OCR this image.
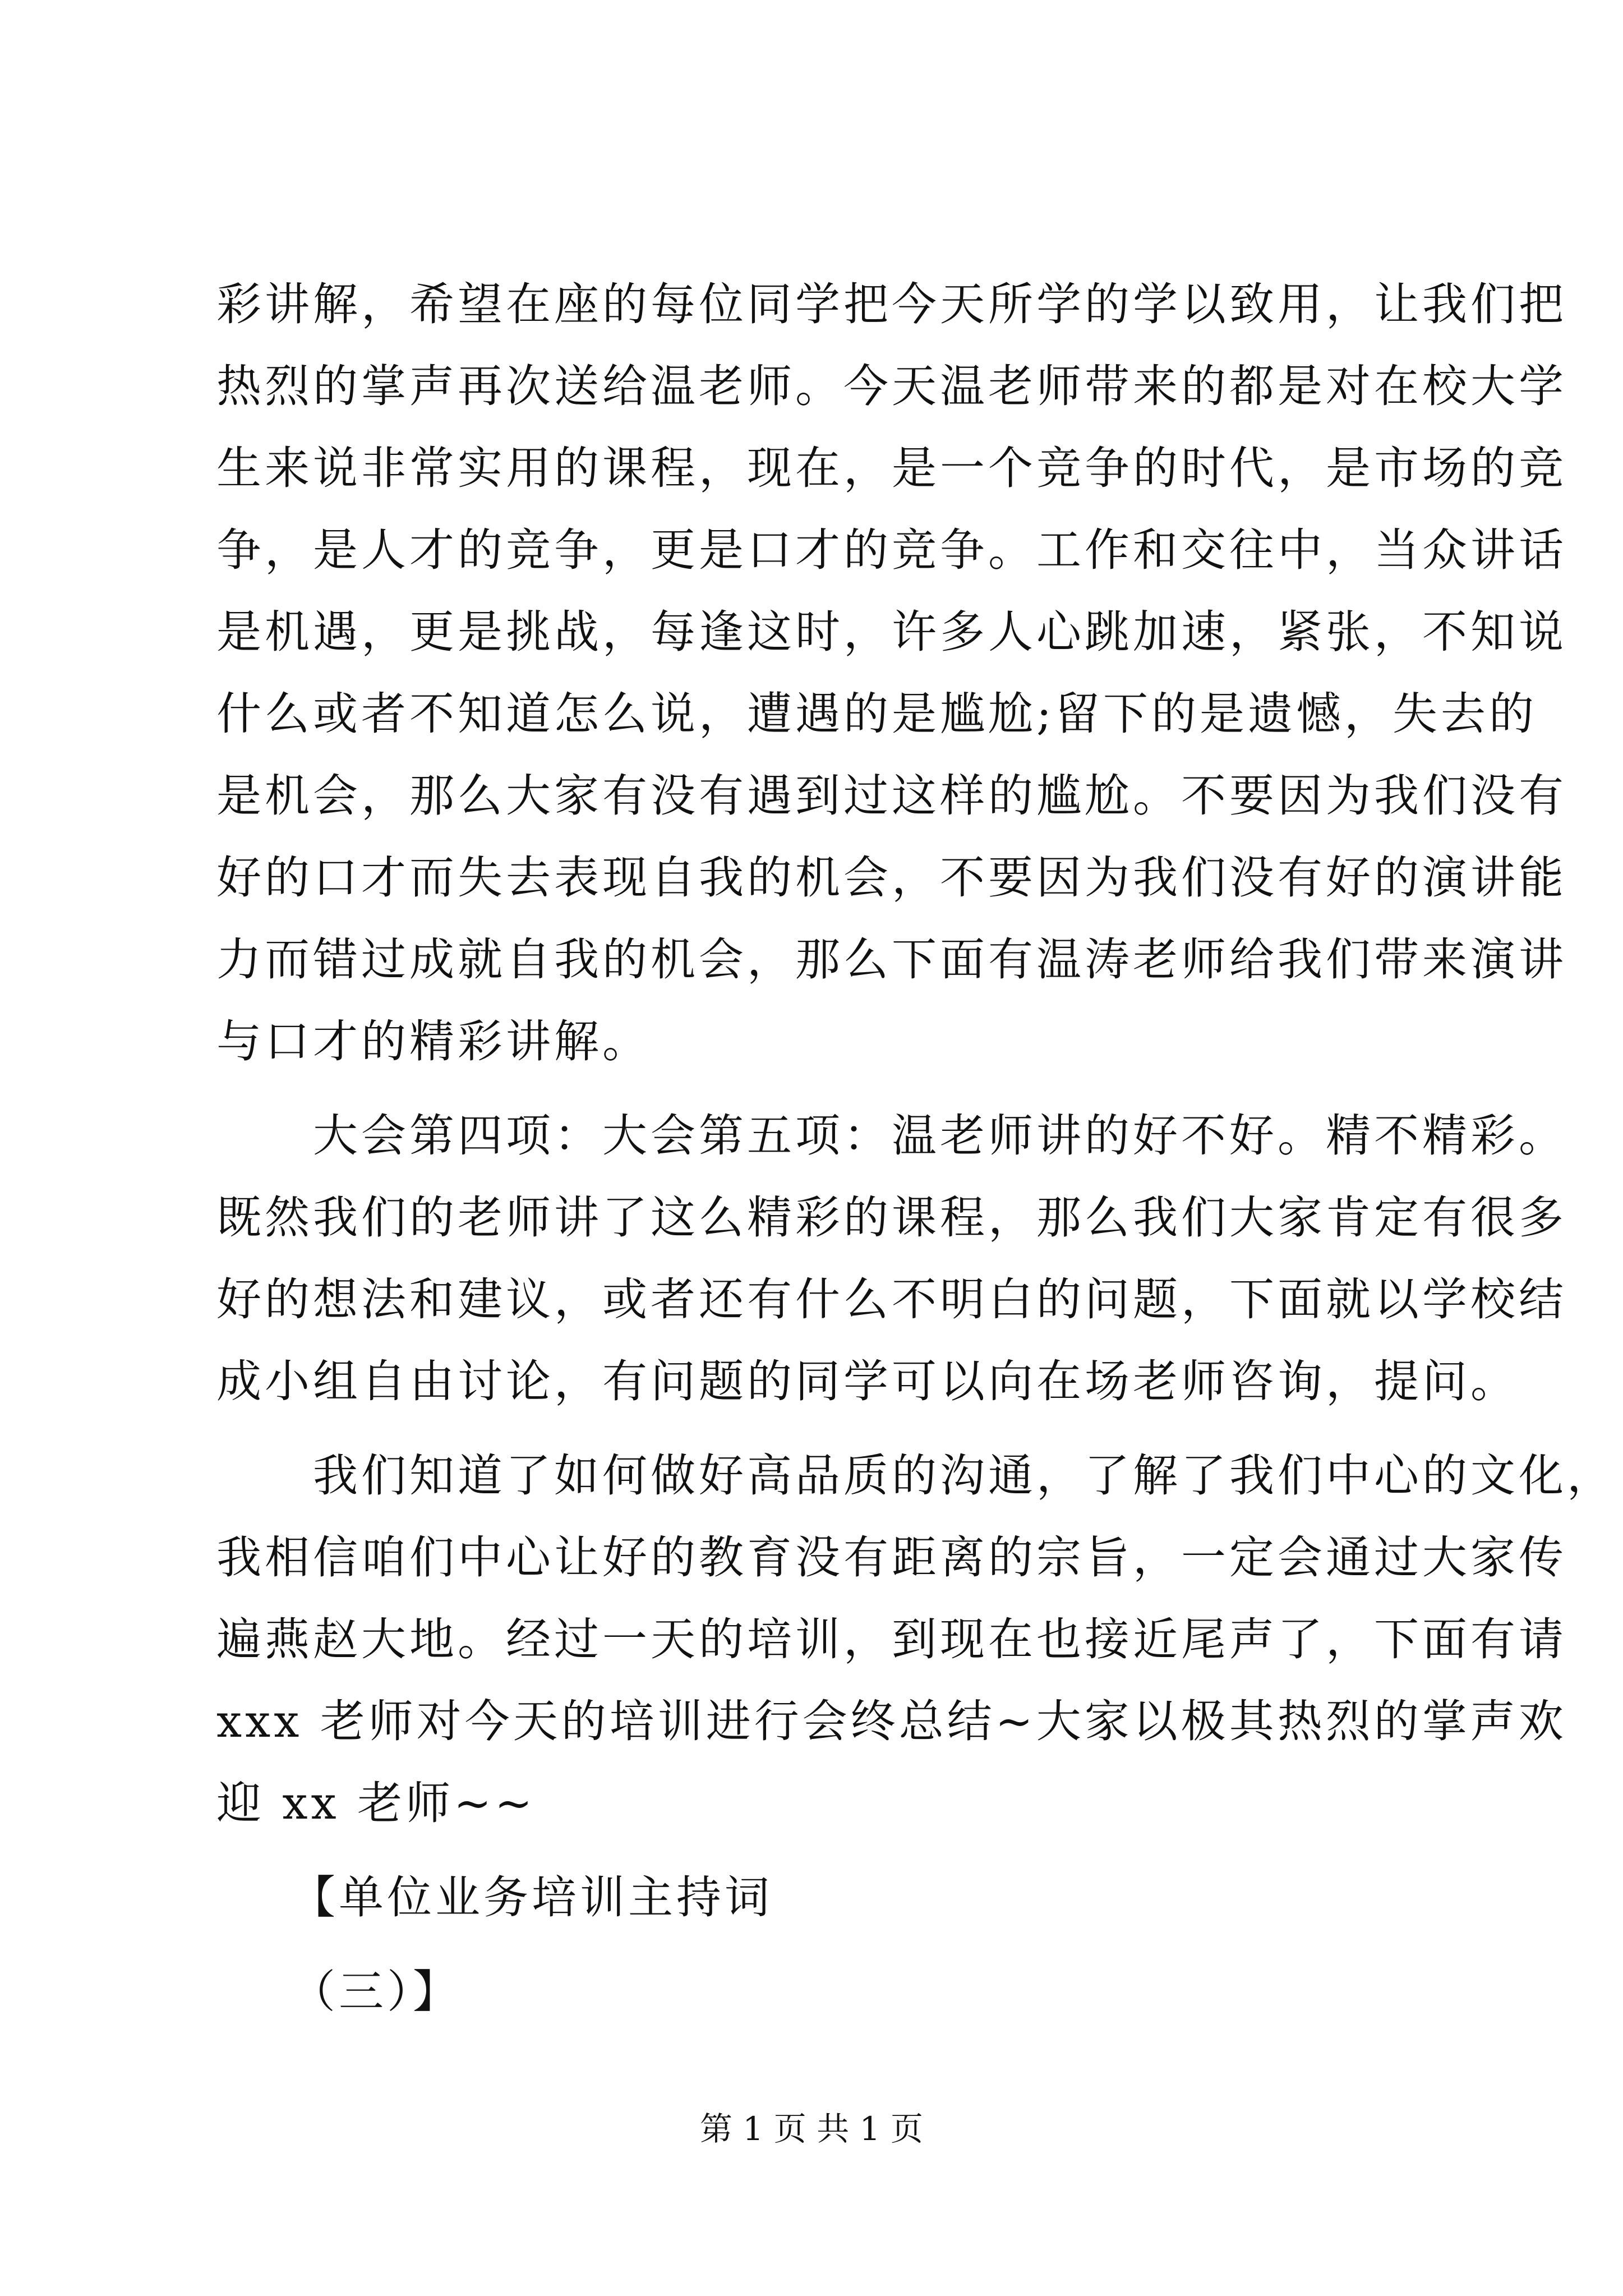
彩讲解，希望在座的每位同学把今天所学的学以致用，让我们把
热烈的掌声再次送给温老师。今天温老师带来的都是对在校大学
生来说非常实用的课程，现在，是一个竞争的时代，是市场的竞
争，是人才的竞争，更是口才的竞争。工作和交往中，当众讲话
是机遇，更是挑战，每逢这时，许多人心跳加速，紧张，不知说
什么或者不知道怎么说，遭遇的是尴尬;留下的是遗憾，失去的
是机会，那么大家有没有遇到过这样的尴尬。不要因为我们没有
好的口才而失去表现自我的机会，不要因为我们没有好的演讲能
力而错过成就自我的机会，那么下面有温涛老师给我们带来演讲
与口才的精彩讲解。
　　大会第四项：大会第五项：温老师讲的好不好。精不精彩。
既然我们的老师讲了这么精彩的课程，那么我们大家肯定有很多
好的想法和建议，或者还有什么不明白的问题，下面就以学校结
成小组自由讨论，有问题的同学可以向在场老师咨询，提问。
　　我们知道了如何做好高品质的沟通，了解了我们中心的文化，
我相信咱们中心让好的教育没有距离的宗旨，一定会通过大家传
遍燕赵大地。经过一天的培训，到现在也接近尾声了，下面有请
xxx 老师对今天的培训进行会终总结~大家以极其热烈的掌声欢
迎 xx 老师~~
　　【单位业务培训主持词
　　（三）】
第 1 页 共 1 页
